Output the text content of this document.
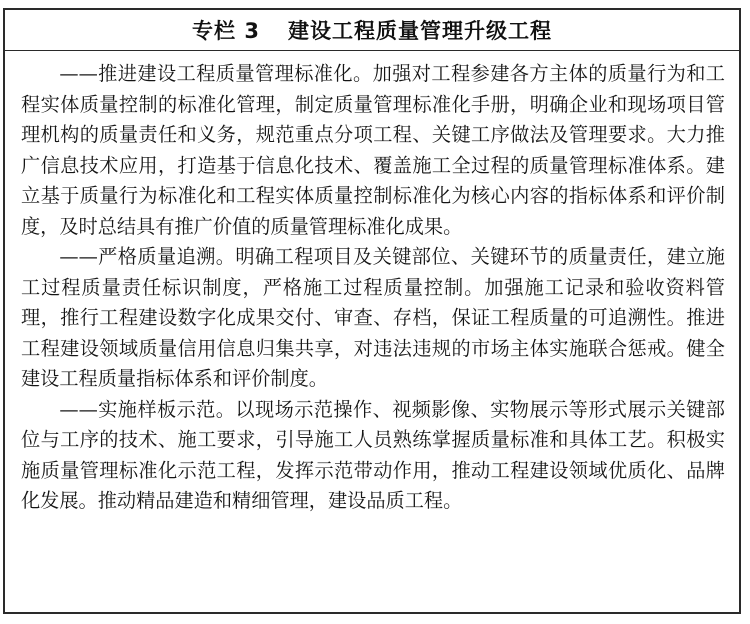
专栏 3 建设工程质量管理升级工程

——推进建设工程质量管理标准化。加强对工程参建各方主体的质量行为和工程实体质量控制的标准化管理，制定质量管理标准化手册，明确企业和现场项目管理机构的质量责任和义务，规范重点分项工程、关键工序做法及管理要求。大力推广信息技术应用，打造基于信息化技术、覆盖施工全过程的质量管理标准体系。建立基于质量行为标准化和工程实体质量控制标准化为核心内容的指标体系和评价制度，及时总结具有推广价值的质量管理标准化成果。

——严格质量追溯。明确工程项目及关键部位、关键环节的质量责任，建立施工过程质量责任标识制度，严格施工过程质量控制。加强施工记录和验收资料管理，推行工程建设数字化成果交付、审查、存档，保证工程质量的可追溯性。推进工程建设领域质量信用信息归集共享，对违法违规的市场主体实施联合惩戒。健全建设工程质量指标体系和评价制度。

——实施样板示范。以现场示范操作、视频影像、实物展示等形式展示关键部位与工序的技术、施工要求，引导施工人员熟练掌握质量标准和具体工艺。积极实施质量管理标准化示范工程，发挥示范带动作用，推动工程建设领域优质化、品牌化发展。推动精品建造和精细管理，建设品质工程。
